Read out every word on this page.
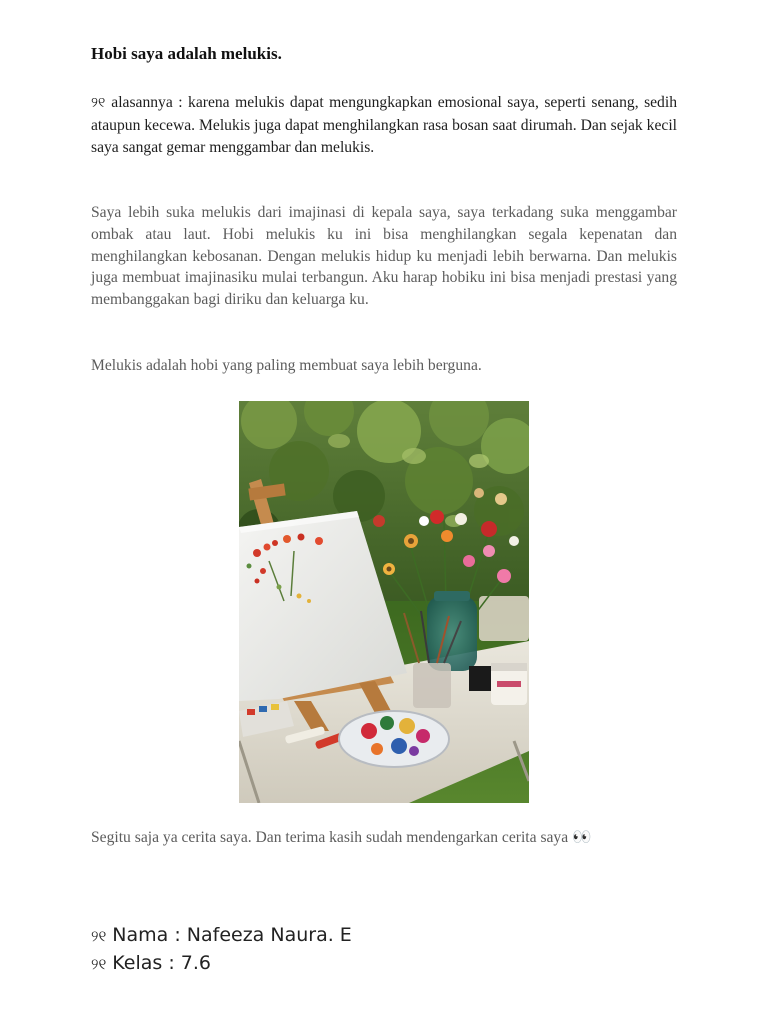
Hobi saya adalah melukis.

୨୧ alasannya : karena melukis dapat mengungkapkan emosional saya, seperti senang, sedih ataupun kecewa. Melukis juga dapat menghilangkan rasa bosan saat dirumah. Dan sejak kecil saya sangat gemar menggambar dan melukis.

Saya lebih suka melukis dari imajinasi di kepala saya, saya terkadang suka menggambar ombak atau laut. Hobi melukis ku ini bisa menghilangkan segala kepenatan dan menghilangkan kebosanan. Dengan melukis hidup ku menjadi lebih berwarna. Dan melukis juga membuat imajinasiku mulai terbangun. Aku harap hobiku ini bisa menjadi prestasi yang membanggakan bagi diriku dan keluarga ku.

Melukis adalah hobi yang paling membuat saya lebih berguna.

Segitu saja ya cerita saya. Dan terima kasih sudah mendengarkan cerita saya 👀

୨୧ Nama : Nafeeza Naura. E

୨୧ Kelas : 7.6
